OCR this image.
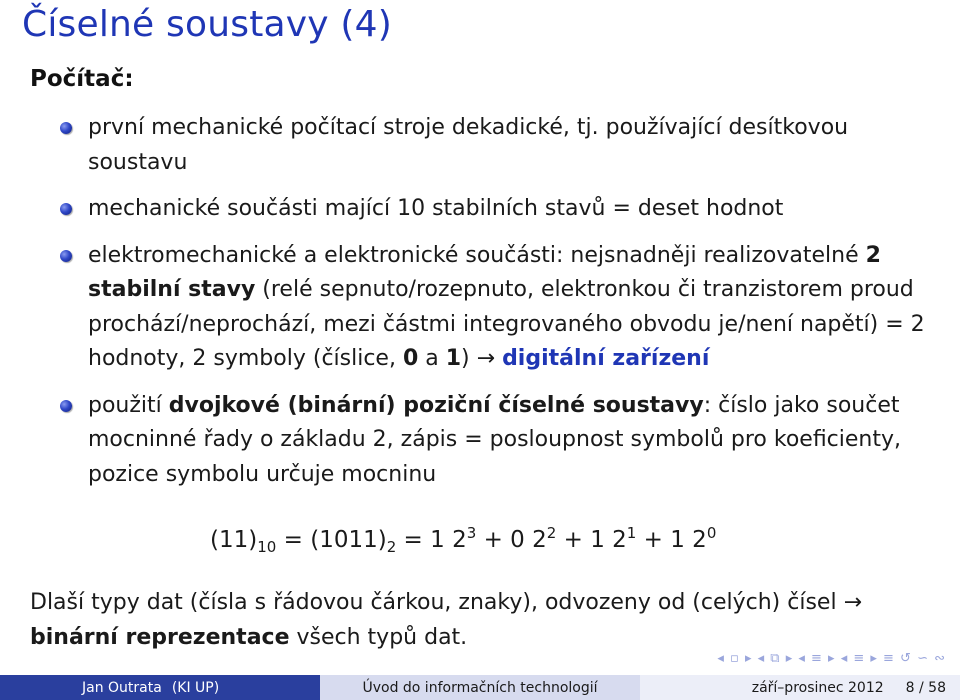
Číselné soustavy (4)
Počítač:
první mechanické počítací stroje dekadické, tj. používající desítkovou soustavu
mechanické součásti mající 10 stabilních stavů = deset hodnot
elektromechanické a elektronické součásti: nejsnadněji realizovatelné 2 stabilní stavy (relé sepnuto/rozepnuto, elektronkou či tranzistorem proud prochází/neprochází, mezi částmi integrovaného obvodu je/není napětí) = 2 hodnoty, 2 symboly (číslice, 0 a 1) → digitální zařízení
použití dvojkové (binární) poziční číselné soustavy: číslo jako součet mocninné řady o základu 2, zápis = posloupnost symbolů pro koeficienty, pozice symbolu určuje mocninu
$(11)_{10} = (1011)_2 = 1$ $2^3 + 0$ $2^2 + 1$ $2^1 + 1$ $2^0$
Dlaší typy dat (čísla s řádovou čárkou, znaky), odvozeny od (celých) čísel → binární reprezentace všech typů dat.
◂ ▫ ▸ ◂ ⧉ ▸ ◂ ≡ ▸ ◂ ≡ ▸ ≡ ↺ ∽ ∾
Jan Outrata (KI UP)	Úvod do informačních technologií	září–prosinec 2012 8 / 58
